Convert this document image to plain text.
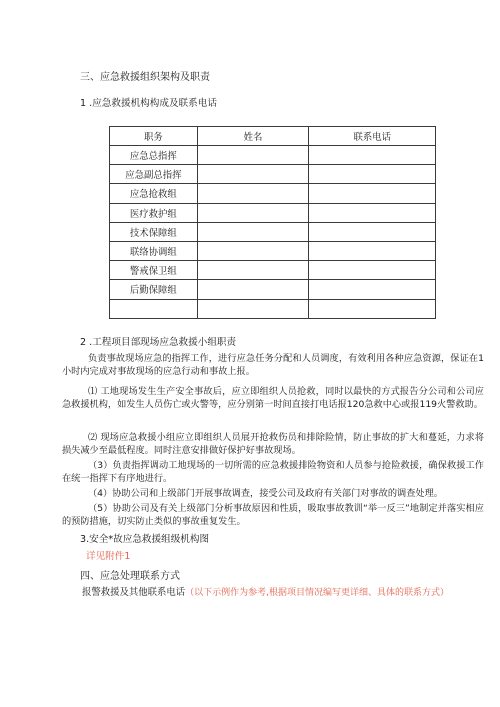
三、应急救援组织架构及职责
1 .应急救援机构构成及联系电话
职务	姓名	联系电话
应急总指挥		
应急副总指挥		
应急抢救组		
医疗救护组		
技术保障组		
联络协调组		
警戒保卫组		
后勤保障组		

2 .工程项目部现场应急救援小组职责
负责事故现场应急的指挥工作，进行应急任务分配和人员调度，有效利用各种应急资源，保证在1小时内完成对事故现场的应急行动和事故上报。
⑴ 工地现场发生生产安全事故后，应立即组织人员抢救，同时以最快的方式报告分公司和公司应急救援机构，如发生人员伤亡或火警等，应分别第一时间直接打电话报120急救中心或报119火警救助。
⑵ 现场应急救援小组应立即组织人员展开抢救伤员和排除险情，防止事故的扩大和蔓延，力求将损失减少至最低程度。同时注意安排做好保护好事故现场。
（3）负责指挥调动工地现场的一切所需的应急救援排险物资和人员参与抢险救援，确保救援工作在统一指挥下有序地进行。
（4）协助公司和上级部门开展事故调查，接受公司及政府有关部门对事故的调查处理。
（5）协助公司及有关上级部门分析事故原因和性质，吸取事故教训“举一反三”地制定并落实相应的预防措施，切实防止类似的事故重复发生。
3.安全*故应急救援组级机构图
详见附件1
四、应急处理联系方式
报警救援及其他联系电话（以下示例作为参考,根据项目情况编写更详细、具体的联系方式）
